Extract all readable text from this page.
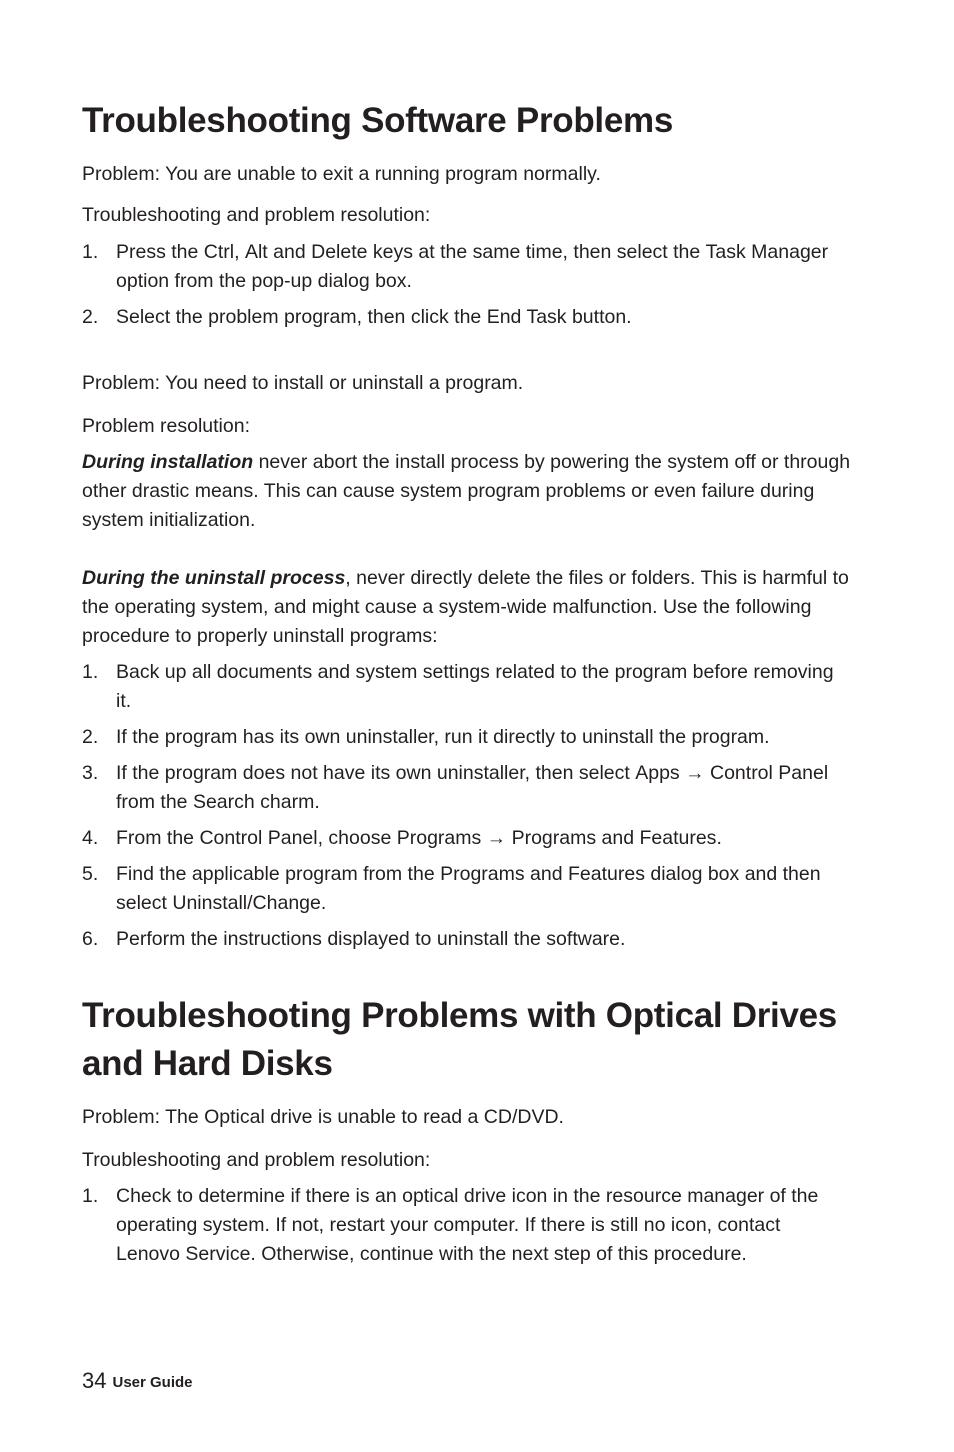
Troubleshooting Software Problems

Problem: You are unable to exit a running program normally.

Troubleshooting and problem resolution:

1. Press the Ctrl, Alt and Delete keys at the same time, then select the Task Manager option from the pop-up dialog box.
2. Select the problem program, then click the End Task button.

Problem: You need to install or uninstall a program.

Problem resolution:

During installation never abort the install process by powering the system off or through other drastic means. This can cause system program problems or even failure during system initialization.

During the uninstall process, never directly delete the files or folders. This is harmful to the operating system, and might cause a system-wide malfunction. Use the following procedure to properly uninstall programs:

1. Back up all documents and system settings related to the program before removing it.
2. If the program has its own uninstaller, run it directly to uninstall the program.
3. If the program does not have its own uninstaller, then select Apps → Control Panel from the Search charm.
4. From the Control Panel, choose Programs → Programs and Features.
5. Find the applicable program from the Programs and Features dialog box and then select Uninstall/Change.
6. Perform the instructions displayed to uninstall the software.
Troubleshooting Problems with Optical Drives and Hard Disks

Problem: The Optical drive is unable to read a CD/DVD.

Troubleshooting and problem resolution:

1. Check to determine if there is an optical drive icon in the resource manager of the operating system. If not, restart your computer. If there is still no icon, contact Lenovo Service. Otherwise, continue with the next step of this procedure.
34 User Guide
